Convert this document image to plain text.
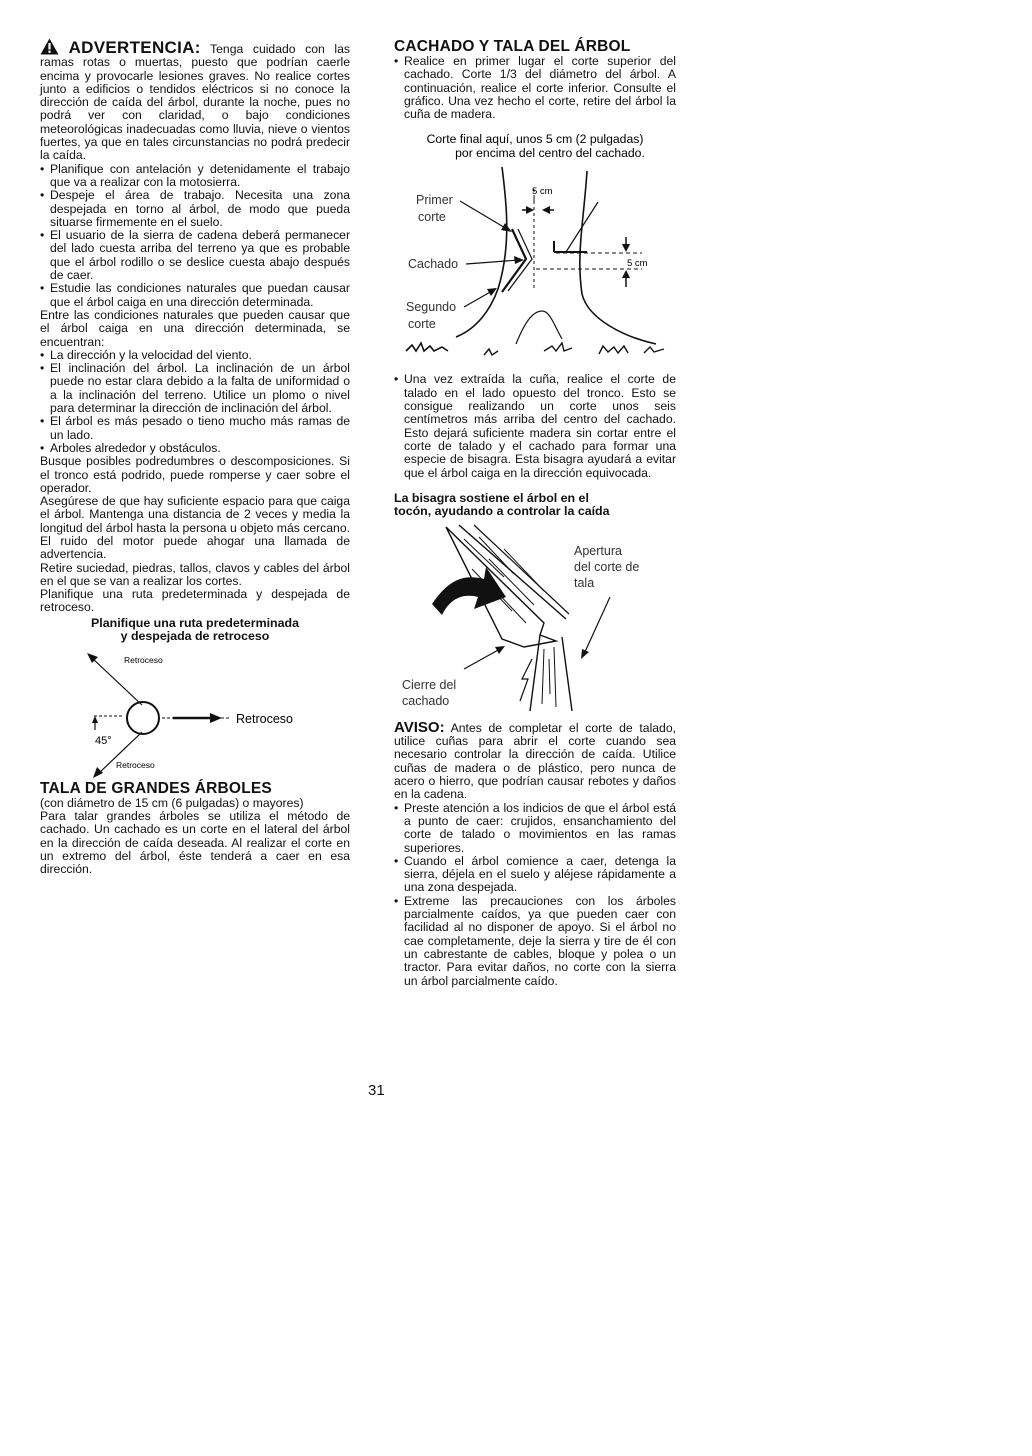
ADVERTENCIA: Tenga cuidado con las ramas rotas o muertas, puesto que podrían caerle encima y provocarle lesiones graves. No realice cortes junto a edificios o tendidos eléctricos si no conoce la dirección de caída del árbol, durante la noche, pues no podrá ver con claridad, o bajo condiciones meteorológicas inadecuadas como lluvia, nieve o vientos fuertes, ya que en tales circunstancias no podrá predecir la caída.

• Planifique con antelación y detenidamente el trabajo que va a realizar con la motosierra.
• Despeje el área de trabajo. Necesita una zona despejada en torno al árbol, de modo que pueda situarse firmemente en el suelo.
• El usuario de la sierra de cadena deberá permanecer del lado cuesta arriba del terreno ya que es probable que el árbol rodillo o se deslice cuesta abajo después de caer.
• Estudie las condiciones naturales que puedan causar que el árbol caiga en una dirección determinada.

Entre las condiciones naturales que pueden causar que el árbol caiga en una dirección determinada, se encuentran:

• La dirección y la velocidad del viento.
• El inclinación del árbol. La inclinación de un árbol puede no estar clara debido a la falta de uniformidad o a la inclinación del terreno. Utilice un plomo o nivel para determinar la dirección de inclinación del árbol.
• El árbol es más pesado o tieno mucho más ramas de un lado.
• Arboles alrededor y obstáculos.

Busque posibles podredumbres o descomposiciones. Si el tronco está podrido, puede romperse y caer sobre el operador.

Asegúrese de que hay suficiente espacio para que caiga el árbol. Mantenga una distancia de 2 veces y media la longitud del árbol hasta la persona u objeto más cercano. El ruido del motor puede ahogar una llamada de advertencia.

Retire suciedad, piedras, tallos, clavos y cables del árbol en el que se van a realizar los cortes.

Planifique una ruta predeterminada y despejada de retroceso.

Planifique una ruta predeterminada
y despejada de retroceso

Retroceso
Retroceso
Retroceso
45°
TALA DE GRANDES ÁRBOLES

(con diámetro de 15 cm (6 pulgadas) o mayores)

Para talar grandes árboles se utiliza el método de cachado. Un cachado es un corte en el lateral del árbol en la dirección de caída deseada. Al realizar el corte en un extremo del árbol, éste tenderá a caer en esa dirección.

CACHADO Y TALA DEL ÁRBOL
• Realice en primer lugar el corte superior del cachado. Corte 1/3 del diámetro del árbol. A continuación, realice el corte inferior. Consulte el gráfico. Una vez hecho el corte, retire del árbol la cuña de madera.
Corte final aquí, unos 5 cm (2 pulgadas)
por encima del centro del cachado.
5 cm
5 cm
Primer
corte
Cachado
Segundo
corte
• Una vez extraída la cuña, realice el corte de talado en el lado opuesto del tronco. Esto se consigue realizando un corte unos seis centímetros más arriba del centro del cachado. Esto dejará suficiente madera sin cortar entre el corte de talado y el cachado para formar una especie de bisagra. Esta bisagra ayudará a evitar que el árbol caiga en la dirección equivocada.

La bisagra sostiene el árbol en el
tocón, ayudando a controlar la caída

Apertura
del corte de
tala
Cierre del
cachado

AVISO: Antes de completar el corte de talado, utilice cuñas para abrir el corte cuando sea necesario controlar la dirección de caída. Utilice cuñas de madera o de plástico, pero nunca de acero o hierro, que podrían causar rebotes y daños en la cadena.

• Preste atención a los indicios de que el árbol está a punto de caer: crujidos, ensanchamiento del corte de talado o movimientos en las ramas superiores.
• Cuando el árbol comience a caer, detenga la sierra, déjela en el suelo y aléjese rápidamente a una zona despejada.
• Extreme las precauciones con los árboles parcialmente caídos, ya que pueden caer con facilidad al no disponer de apoyo. Si el árbol no cae completamente, deje la sierra y tire de él con un cabrestante de cables, bloque y polea o un tractor. Para evitar daños, no corte con la sierra un árbol parcialmente caído.
31
